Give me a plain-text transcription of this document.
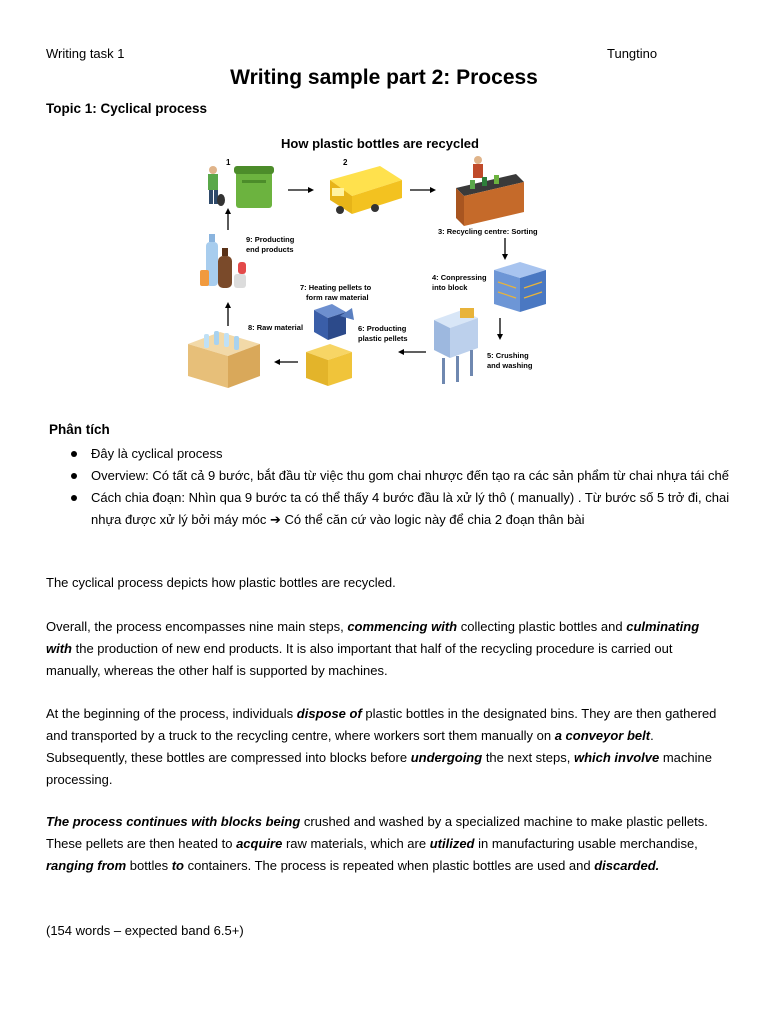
Writing task 1	Tungtino
Writing sample part 2: Process
Topic 1: Cyclical process
How plastic bottles are recycled
1	2
3: Recycling centre: Sorting
4: Conpressing
into block
5: Crushing
and washing
7: Heating pellets to
form raw material
6: Producting
plastic pellets
8: Raw material
9: Producting
end products
Phân tích
Đây là cyclical process
Overview: Có tất cả 9 bước, bắt đầu từ việc thu gom chai nhược đến tạo ra các sản phẩm từ chai nhựa tái chế
Cách chia đoạn: Nhìn qua 9 bước ta có thể thấy 4 bước đầu là xử lý thô ( manually) . Từ bước số 5 trở đi, chai nhựa được xử lý bởi máy móc ➔ Có thể căn cứ vào logic này để chia 2 đoạn thân bài

The cyclical process depicts how plastic bottles are recycled.

Overall, the process encompasses nine main steps, commencing with collecting plastic bottles and culminating with the production of new end products. It is also important that half of the recycling procedure is carried out manually, whereas the other half is supported by machines.

At the beginning of the process, individuals dispose of plastic bottles in the designated bins. They are then gathered and transported by a truck to the recycling centre, where workers sort them manually on a conveyor belt. Subsequently, these bottles are compressed into blocks before undergoing the next steps, which involve machine processing.

The process continues with blocks being crushed and washed by a specialized machine to make plastic pellets. These pellets are then heated to acquire raw materials, which are utilized in manufacturing usable merchandise, ranging from bottles to containers. The process is repeated when plastic bottles are used and discarded.

(154 words – expected band 6.5+)
